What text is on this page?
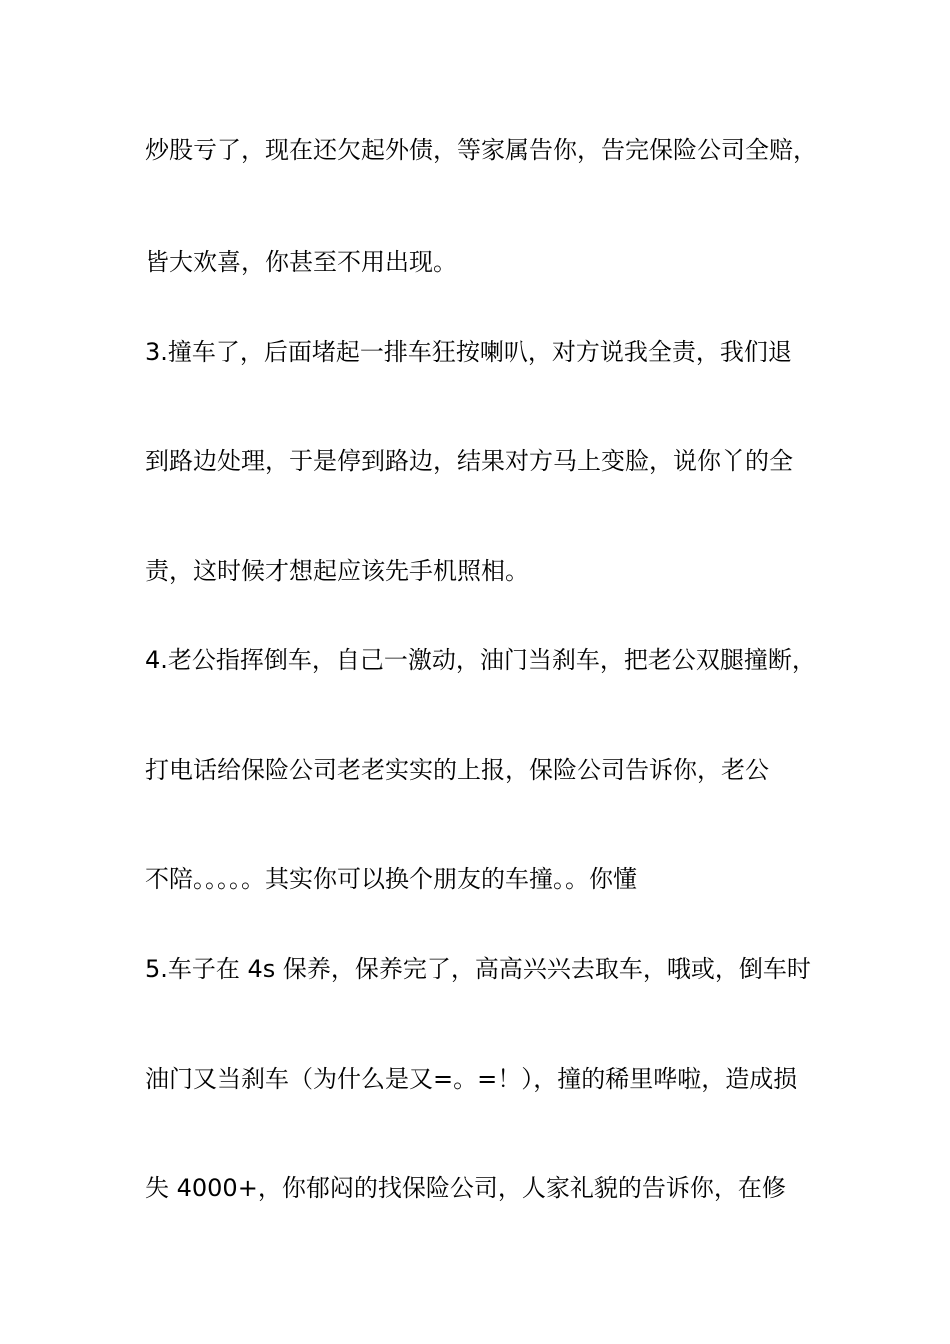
炒股亏了，现在还欠起外债，等家属告你，告完保险公司全赔，
皆大欢喜，你甚至不用出现。
3.撞车了，后面堵起一排车狂按喇叭，对方说我全责，我们退
到路边处理，于是停到路边，结果对方马上变脸，说你丫的全
责，这时候才想起应该先手机照相。
4.老公指挥倒车，自己一激动，油门当刹车，把老公双腿撞断，
打电话给保险公司老老实实的上报，保险公司告诉你，老公
不陪。。。。。其实你可以换个朋友的车撞。。你懂
5.车子在 4s 保养，保养完了，高高兴兴去取车，哦或，倒车时
油门又当刹车（为什么是又=。=！），撞的稀里哗啦，造成损
失 4000+，你郁闷的找保险公司，人家礼貌的告诉你，在修
